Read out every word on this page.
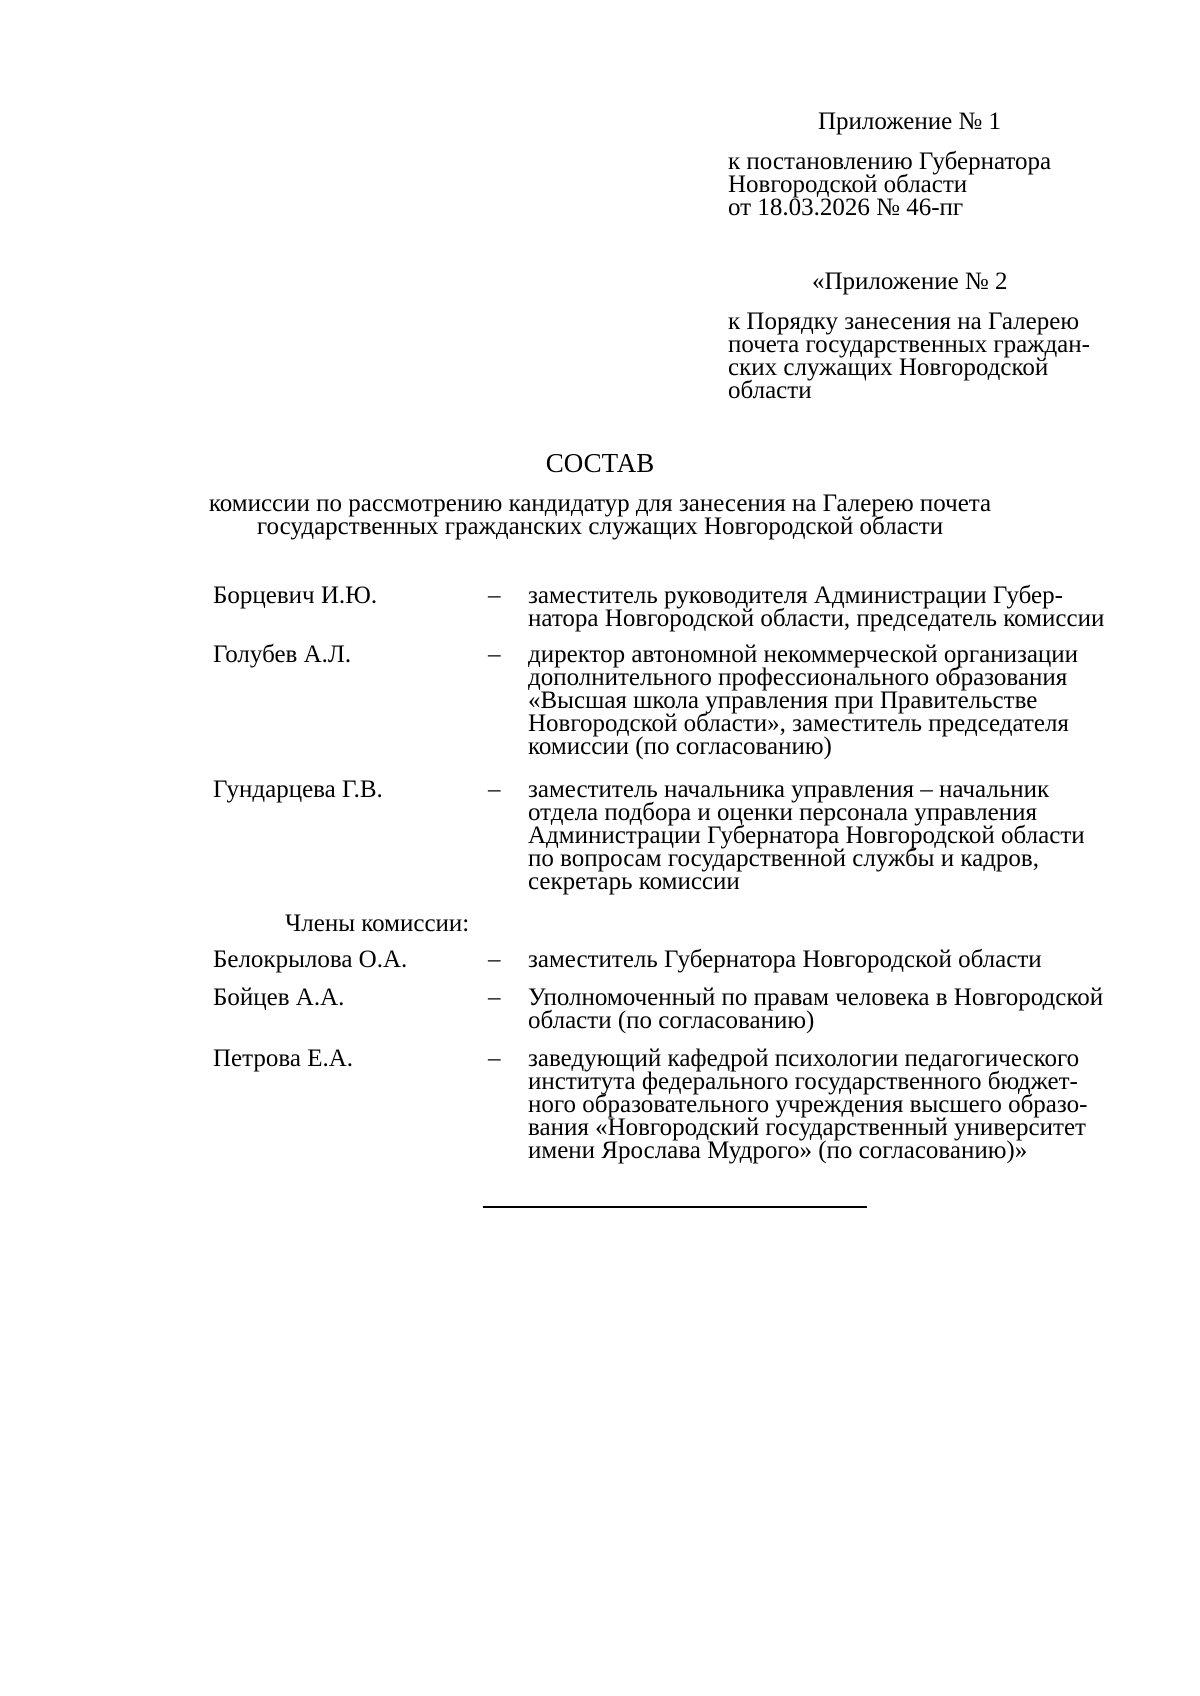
Приложение № 1
к постановлению Губернатора
Новгородской области
от 18.03.2026 № 46-пг
«Приложение № 2
к Порядку занесения на Галерею
почета государственных граждан-
ских служащих Новгородской
области
СОСТАВ
комиссии по рассмотрению кандидатур для занесения на Галерею почета
государственных гражданских служащих Новгородской области
Борцевич И.Ю.	– заместитель руководителя Администрации Губер-
натора Новгородской области, председатель комиссии
Голубев А.Л.	– директор автономной некоммерческой организации
дополнительного профессионального образования
«Высшая школа управления при Правительстве
Новгородской области», заместитель председателя
комиссии (по согласованию)
Гундарцева Г.В.	– заместитель начальника управления – начальник
отдела подбора и оценки персонала управления
Администрации Губернатора Новгородской области
по вопросам государственной службы и кадров,
секретарь комиссии
Члены комиссии:
Белокрылова О.А.	– заместитель Губернатора Новгородской области
Бойцев А.А.	– Уполномоченный по правам человека в Новгородской
области (по согласованию)
Петрова Е.А.	– заведующий кафедрой психологии педагогического
института федерального государственного бюджет-
ного образовательного учреждения высшего образо-
вания «Новгородский государственный университет
имени Ярослава Мудрого» (по согласованию)»
